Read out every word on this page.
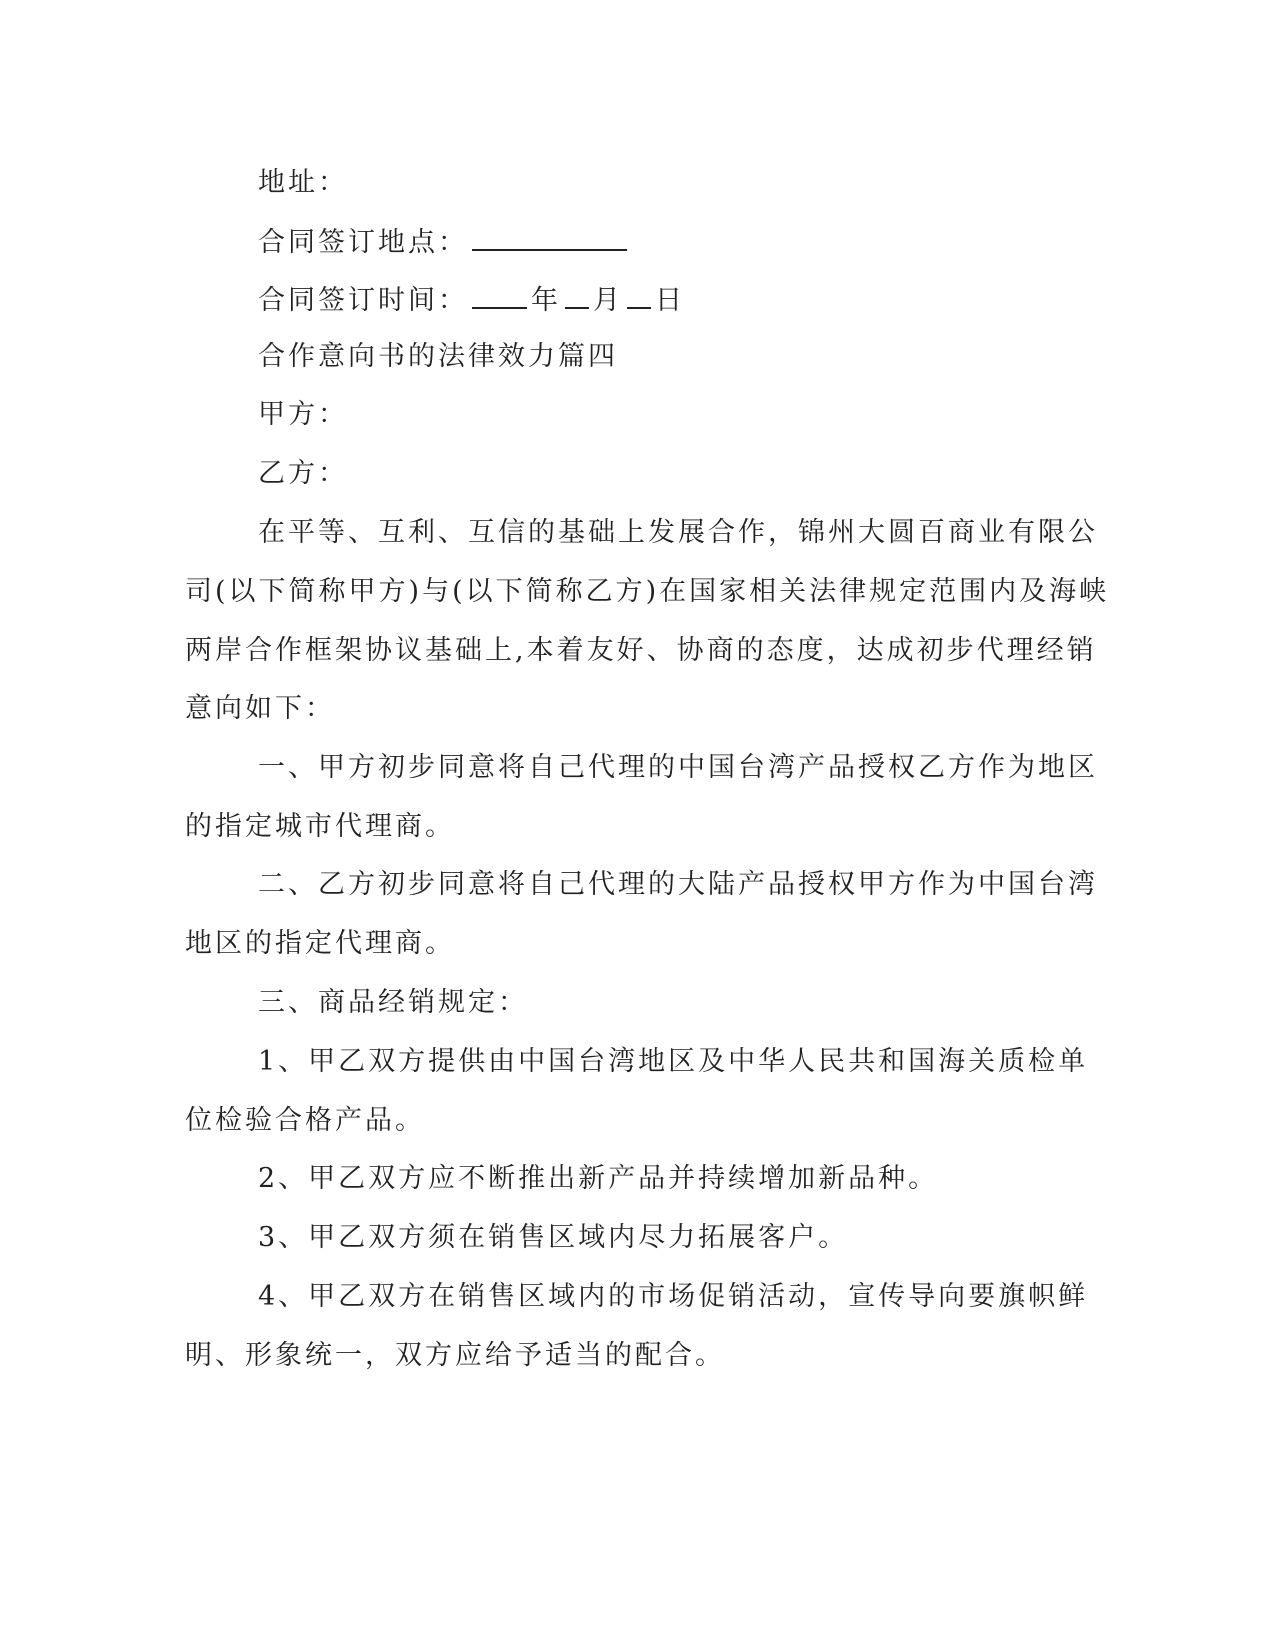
地址：
合同签订地点：
合同签订时间： 年 月 日
合作意向书的法律效力篇四
甲方：
乙方：
在平等、互利、互信的基础上发展合作，锦州大圆百商业有限公
司(以下简称甲方)与(以下简称乙方)在国家相关法律规定范围内及海峡
两岸合作框架协议基础上,本着友好、协商的态度，达成初步代理经销
意向如下：
一、甲方初步同意将自己代理的中国台湾产品授权乙方作为地区
的指定城市代理商。
二、乙方初步同意将自己代理的大陆产品授权甲方作为中国台湾
地区的指定代理商。
三、商品经销规定：
1、甲乙双方提供由中国台湾地区及中华人民共和国海关质检单
位检验合格产品。
2、甲乙双方应不断推出新产品并持续增加新品种。
3、甲乙双方须在销售区域内尽力拓展客户。
4、甲乙双方在销售区域内的市场促销活动，宣传导向要旗帜鲜
明、形象统一，双方应给予适当的配合。
